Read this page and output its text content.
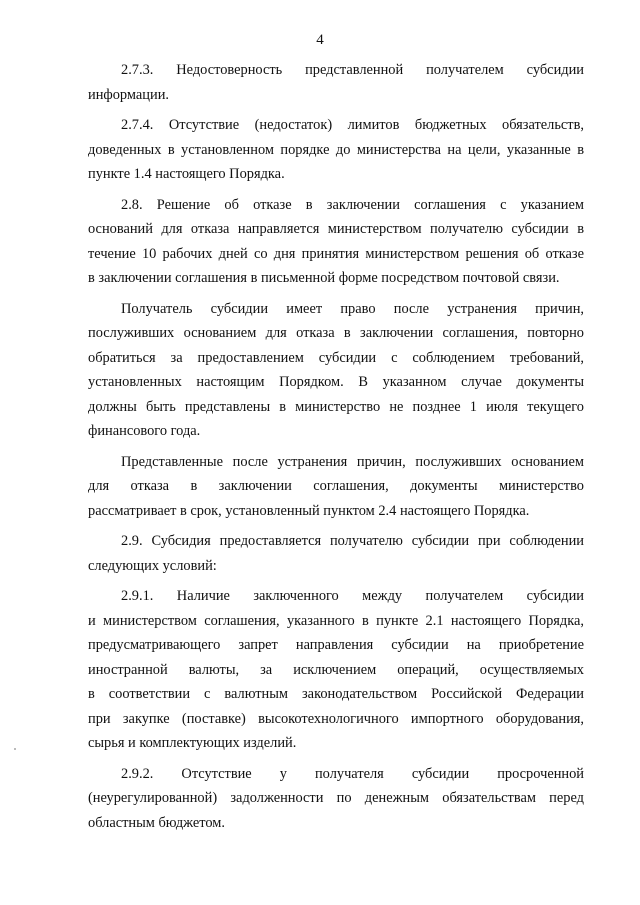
4
2.7.3. Недостоверность представленной получателем субсидии
информации.
2.7.4. Отсутствие (недостаток) лимитов бюджетных обязательств,
доведенных в установленном порядке до министерства на цели, указанные в
пункте 1.4 настоящего Порядка.
2.8. Решение об отказе в заключении соглашения с указанием
оснований для отказа направляется министерством получателю субсидии в
течение 10 рабочих дней со дня принятия министерством решения об отказе
в заключении соглашения в письменной форме посредством почтовой связи.
Получатель субсидии имеет право после устранения причин,
послуживших основанием для отказа в заключении соглашения, повторно
обратиться за предоставлением субсидии с соблюдением требований,
установленных настоящим Порядком. В указанном случае документы
должны быть представлены в министерство не позднее 1 июля текущего
финансового года.
Представленные после устранения причин, послуживших основанием
для отказа в заключении соглашения, документы министерство
рассматривает в срок, установленный пунктом 2.4 настоящего Порядка.
2.9. Субсидия предоставляется получателю субсидии при соблюдении
следующих условий:
2.9.1. Наличие заключенного между получателем субсидии
и министерством соглашения, указанного в пункте 2.1 настоящего Порядка,
предусматривающего запрет направления субсидии на приобретение
иностранной валюты, за исключением операций, осуществляемых
в соответствии с валютным законодательством Российской Федерации
при закупке (поставке) высокотехнологичного импортного оборудования,
сырья и комплектующих изделий.
2.9.2. Отсутствие у получателя субсидии просроченной
(неурегулированной) задолженности по денежным обязательствам перед
областным бюджетом.
